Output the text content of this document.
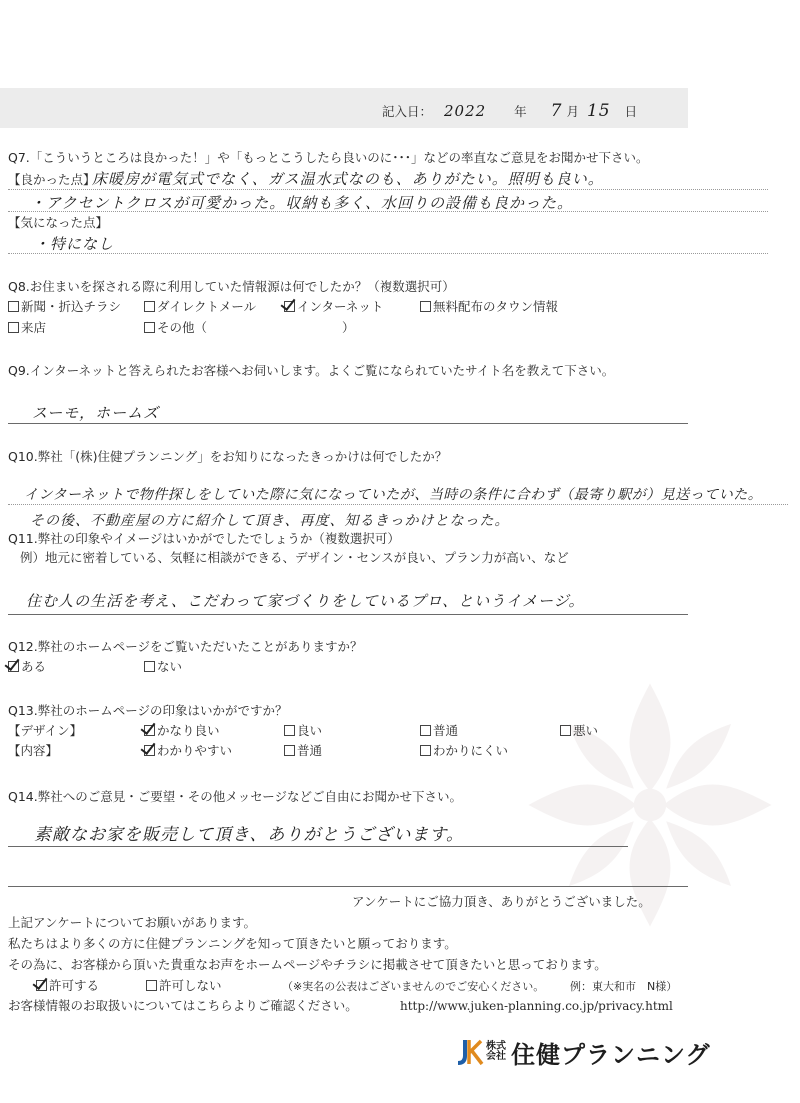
記入日： 2022 年 7 月 15 日
Q7.「こういうところは良かった！」や「もっとこうしたら良いのに･･･」などの率直なご意見をお聞かせ下さい。
【良かった点】
床暖房が電気式でなく、ガス温水式なのも、ありがたい。照明も良い。
・アクセントクロスが可愛かった。収納も多く、水回りの設備も良かった。
【気になった点】
・特になし
Q8.お住まいを探される際に利用していた情報源は何でしたか？（複数選択可）
新聞・折込チラシ	ダイレクトメール	インターネット	無料配布のタウン情報
来店	その他（	）
Q9.インターネットと答えられたお客様へお伺いします。よくご覧になられていたサイト名を教えて下さい。
スーモ，ホームズ
Q10.弊社「(株)住健プランニング」をお知りになったきっかけは何でしたか？
インターネットで物件探しをしていた際に気になっていたが、当時の条件に合わず（最寄り駅が）見送っていた。
その後、不動産屋の方に紹介して頂き、再度、知るきっかけとなった。
Q11.弊社の印象やイメージはいかがでしたでしょうか（複数選択可）
例）地元に密着している、気軽に相談ができる、デザイン・センスが良い、プラン力が高い、など
住む人の生活を考え、こだわって家づくりをしているプロ、というイメージ。
Q12.弊社のホームページをご覧いただいたことがありますか？
ある	ない
Q13.弊社のホームページの印象はいかがですか？
【デザイン】	かなり良い	良い	普通	悪い
【内容】	わかりやすい	普通	わかりにくい
Q14.弊社へのご意見・ご要望・その他メッセージなどご自由にお聞かせ下さい。
素敵なお家を販売して頂き、ありがとうございます。
アンケートにご協力頂き、ありがとうございました。
上記アンケートについてお願いがあります。
私たちはより多くの方に住健プランニングを知って頂きたいと願っております。
その為に、お客様から頂いた貴重なお声をホームページやチラシに掲載させて頂きたいと思っております。
許可する	許可しない	（※実名の公表はございませんのでご安心ください。 例：東大和市　N様）
お客様情報のお取扱いについてはこちらよりご確認ください。	http://www.juken-planning.co.jp/privacy.html
株式会社 住健プランニング
